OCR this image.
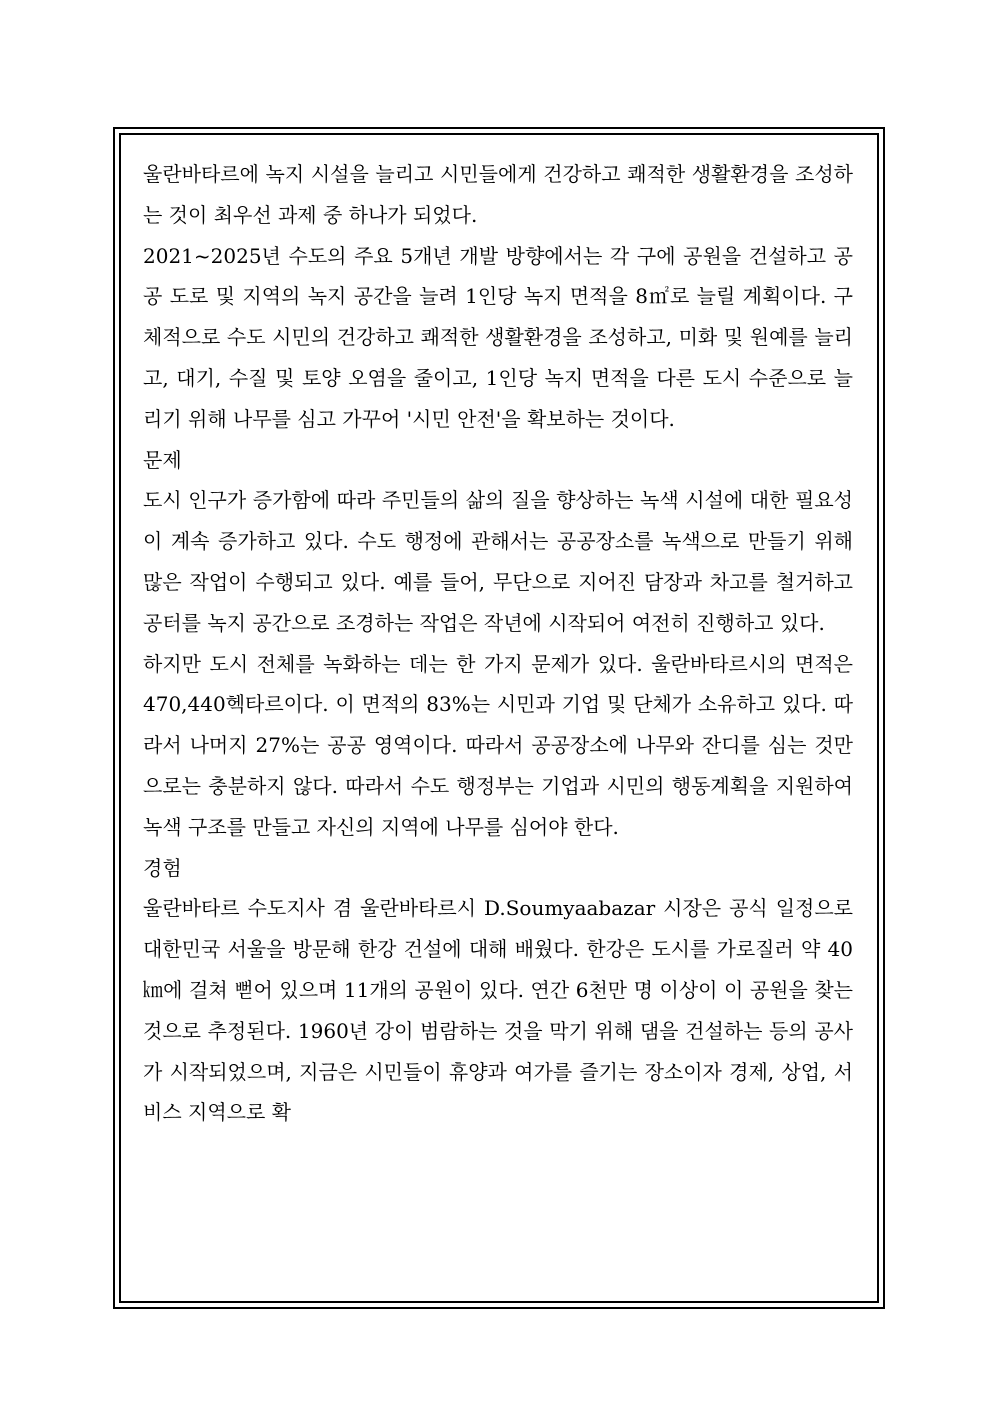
울란바타르에 녹지 시설을 늘리고 시민들에게 건강하고 쾌적한 생활환경을 조성하는 것이 최우선 과제 중 하나가 되었다.

2021~2025년 수도의 주요 5개년 개발 방향에서는 각 구에 공원을 건설하고 공공 도로 및 지역의 녹지 공간을 늘려 1인당 녹지 면적을 8㎡로 늘릴 계획이다. 구체적으로 수도 시민의 건강하고 쾌적한 생활환경을 조성하고, 미화 및 원예를 늘리고, 대기, 수질 및 토양 오염을 줄이고, 1인당 녹지 면적을 다른 도시 수준으로 늘리기 위해 나무를 심고 가꾸어 '시민 안전'을 확보하는 것이다.

문제

도시 인구가 증가함에 따라 주민들의 삶의 질을 향상하는 녹색 시설에 대한 필요성이 계속 증가하고 있다. 수도 행정에 관해서는 공공장소를 녹색으로 만들기 위해 많은 작업이 수행되고 있다. 예를 들어, 무단으로 지어진 담장과 차고를 철거하고 공터를 녹지 공간으로 조경하는 작업은 작년에 시작되어 여전히 진행하고 있다.

하지만 도시 전체를 녹화하는 데는 한 가지 문제가 있다. 울란바타르시의 면적은 470,440헥타르이다. 이 면적의 83%는 시민과 기업 및 단체가 소유하고 있다. 따라서 나머지 27%는 공공 영역이다. 따라서 공공장소에 나무와 잔디를 심는 것만으로는 충분하지 않다. 따라서 수도 행정부는 기업과 시민의 행동계획을 지원하여 녹색 구조를 만들고 자신의 지역에 나무를 심어야 한다.

경험

울란바타르 수도지사 겸 울란바타르시 D.Soumyaabazar 시장은 공식 일정으로 대한민국 서울을 방문해 한강 건설에 대해 배웠다. 한강은 도시를 가로질러 약 40㎞에 걸쳐 뻗어 있으며 11개의 공원이 있다. 연간 6천만 명 이상이 이 공원을 찾는 것으로 추정된다. 1960년 강이 범람하는 것을 막기 위해 댐을 건설하는 등의 공사가 시작되었으며, 지금은 시민들이 휴양과 여가를 즐기는 장소이자 경제, 상업, 서비스 지역으로 확
